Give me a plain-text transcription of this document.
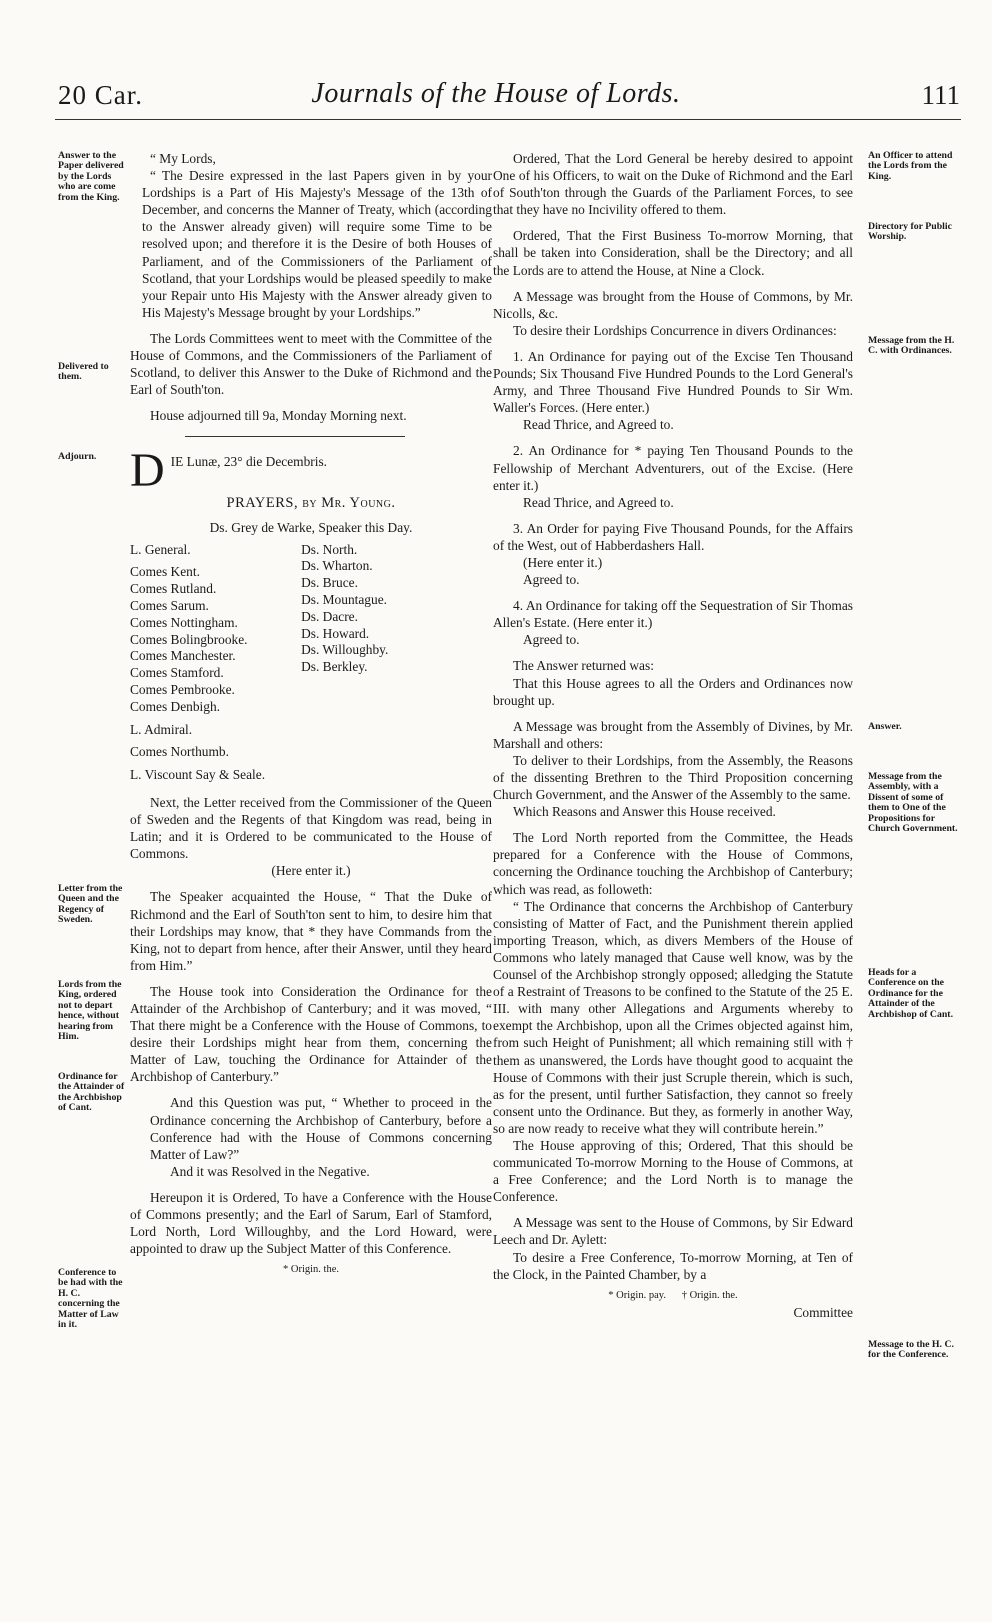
20 Car.	Journals of the House of Lords.	111
Answer to the Paper delivered by the Lords who are come from the King.
Delivered to them.
Adjourn.
Letter from the Queen and the Regency of Sweden.
Lords from the King, ordered not to depart hence, without hearing from Him.
Ordinance for the Attainder of the Archbishop of Cant.
Conference to be had with the H. C. concerning the Matter of Law in it.
An Officer to attend the Lords from the King.
Directory for Public Worship.
Message from the H. C. with Ordinances.
Answer.
Message from the Assembly, with a Dissent of some of them to One of the Propositions for Church Government.
Heads for a Conference on the Ordinance for the Attainder of the Archbishop of Cant.
Message to the H. C. for the Conference.

“ My Lords,

“ The Desire expressed in the last Papers given in by your Lordships is a Part of His Majesty's Message of the 13th of December, and concerns the Manner of Treaty, which (according to the Answer already given) will require some Time to be resolved upon; and therefore it is the Desire of both Houses of Parliament, and of the Commissioners of the Parliament of Scotland, that your Lordships would be pleased speedily to make your Repair unto His Majesty with the Answer already given to His Majesty's Message brought by your Lordships.”

The Lords Committees went to meet with the Committee of the House of Commons, and the Commissioners of the Parliament of Scotland, to deliver this Answer to the Duke of Richmond and the Earl of South'ton.

House adjourned till 9a, Monday Morning next.

D IE Lunæ, 23° die Decembris.

PRAYERS, by Mr. Young.

Ds. Grey de Warke, Speaker this Day.

L. General.
Comes Kent.
Comes Rutland.
Comes Sarum.
Comes Nottingham.
Comes Bolingbrooke.
Comes Manchester.
Comes Stamford.
Comes Pembrooke.
Comes Denbigh.
L. Admiral.
Comes Northumb.
L. Viscount Say & Seale.
Ds. North.
Ds. Wharton.
Ds. Bruce.
Ds. Mountague.
Ds. Dacre.
Ds. Howard.
Ds. Willoughby.
Ds. Berkley.

Next, the Letter received from the Commissioner of the Queen of Sweden and the Regents of that Kingdom was read, being in Latin; and it is Ordered to be communicated to the House of Commons.

(Here enter it.)

The Speaker acquainted the House, “ That the Duke of Richmond and the Earl of South'ton sent to him, to desire him that their Lordships may know, that * they have Commands from the King, not to depart from hence, after their Answer, until they heard from Him.”

The House took into Consideration the Ordinance for the Attainder of the Archbishop of Canterbury; and it was moved, “ That there might be a Conference with the House of Commons, to desire their Lordships might hear from them, concerning the Matter of Law, touching the Ordinance for Attainder of the Archbishop of Canterbury.”

And this Question was put, “ Whether to proceed in the Ordinance concerning the Archbishop of Canterbury, before a Conference had with the House of Commons concerning Matter of Law?”

And it was Resolved in the Negative.

Hereupon it is Ordered, To have a Conference with the House of Commons presently; and the Earl of Sarum, Earl of Stamford, Lord North, Lord Willoughby, and the Lord Howard, were appointed to draw up the Subject Matter of this Conference.

* Origin. the.

Ordered, That the Lord General be hereby desired to appoint One of his Officers, to wait on the Duke of Richmond and the Earl of South'ton through the Guards of the Parliament Forces, to see that they have no Incivility offered to them.

Ordered, That the First Business To-morrow Morning, that shall be taken into Consideration, shall be the Directory; and all the Lords are to attend the House, at Nine a Clock.

A Message was brought from the House of Commons, by Mr. Nicolls, &c.

To desire their Lordships Concurrence in divers Ordinances:

1. An Ordinance for paying out of the Excise Ten Thousand Pounds; Six Thousand Five Hundred Pounds to the Lord General's Army, and Three Thousand Five Hundred Pounds to Sir Wm. Waller's Forces. (Here enter.)

Read Thrice, and Agreed to.

2. An Ordinance for * paying Ten Thousand Pounds to the Fellowship of Merchant Adventurers, out of the Excise. (Here enter it.)

Read Thrice, and Agreed to.

3. An Order for paying Five Thousand Pounds, for the Affairs of the West, out of Habberdashers Hall.

(Here enter it.)

Agreed to.

4. An Ordinance for taking off the Sequestration of Sir Thomas Allen's Estate. (Here enter it.)

Agreed to.

The Answer returned was:

That this House agrees to all the Orders and Ordinances now brought up.

A Message was brought from the Assembly of Divines, by Mr. Marshall and others:

To deliver to their Lordships, from the Assembly, the Reasons of the dissenting Brethren to the Third Proposition concerning Church Government, and the Answer of the Assembly to the same.

Which Reasons and Answer this House received.

The Lord North reported from the Committee, the Heads prepared for a Conference with the House of Commons, concerning the Ordinance touching the Archbishop of Canterbury; which was read, as followeth:

“ The Ordinance that concerns the Archbishop of Canterbury consisting of Matter of Fact, and the Punishment therein applied importing Treason, which, as divers Members of the House of Commons who lately managed that Cause well know, was by the Counsel of the Archbishop strongly opposed; alledging the Statute of a Restraint of Treasons to be confined to the Statute of the 25 E. III. with many other Allegations and Arguments whereby to exempt the Archbishop, upon all the Crimes objected against him, from such Height of Punishment; all which remaining still with † them as unanswered, the Lords have thought good to acquaint the House of Commons with their just Scruple therein, which is such, as for the present, until further Satisfaction, they cannot so freely consent unto the Ordinance. But they, as formerly in another Way, so are now ready to receive what they will contribute herein.”

The House approving of this; Ordered, That this should be communicated To-morrow Morning to the House of Commons, at a Free Conference; and the Lord North is to manage the Conference.

A Message was sent to the House of Commons, by Sir Edward Leech and Dr. Aylett:

To desire a Free Conference, To-morrow Morning, at Ten of the Clock, in the Painted Chamber, by a

* Origin. pay.      † Origin. the.

Committee
